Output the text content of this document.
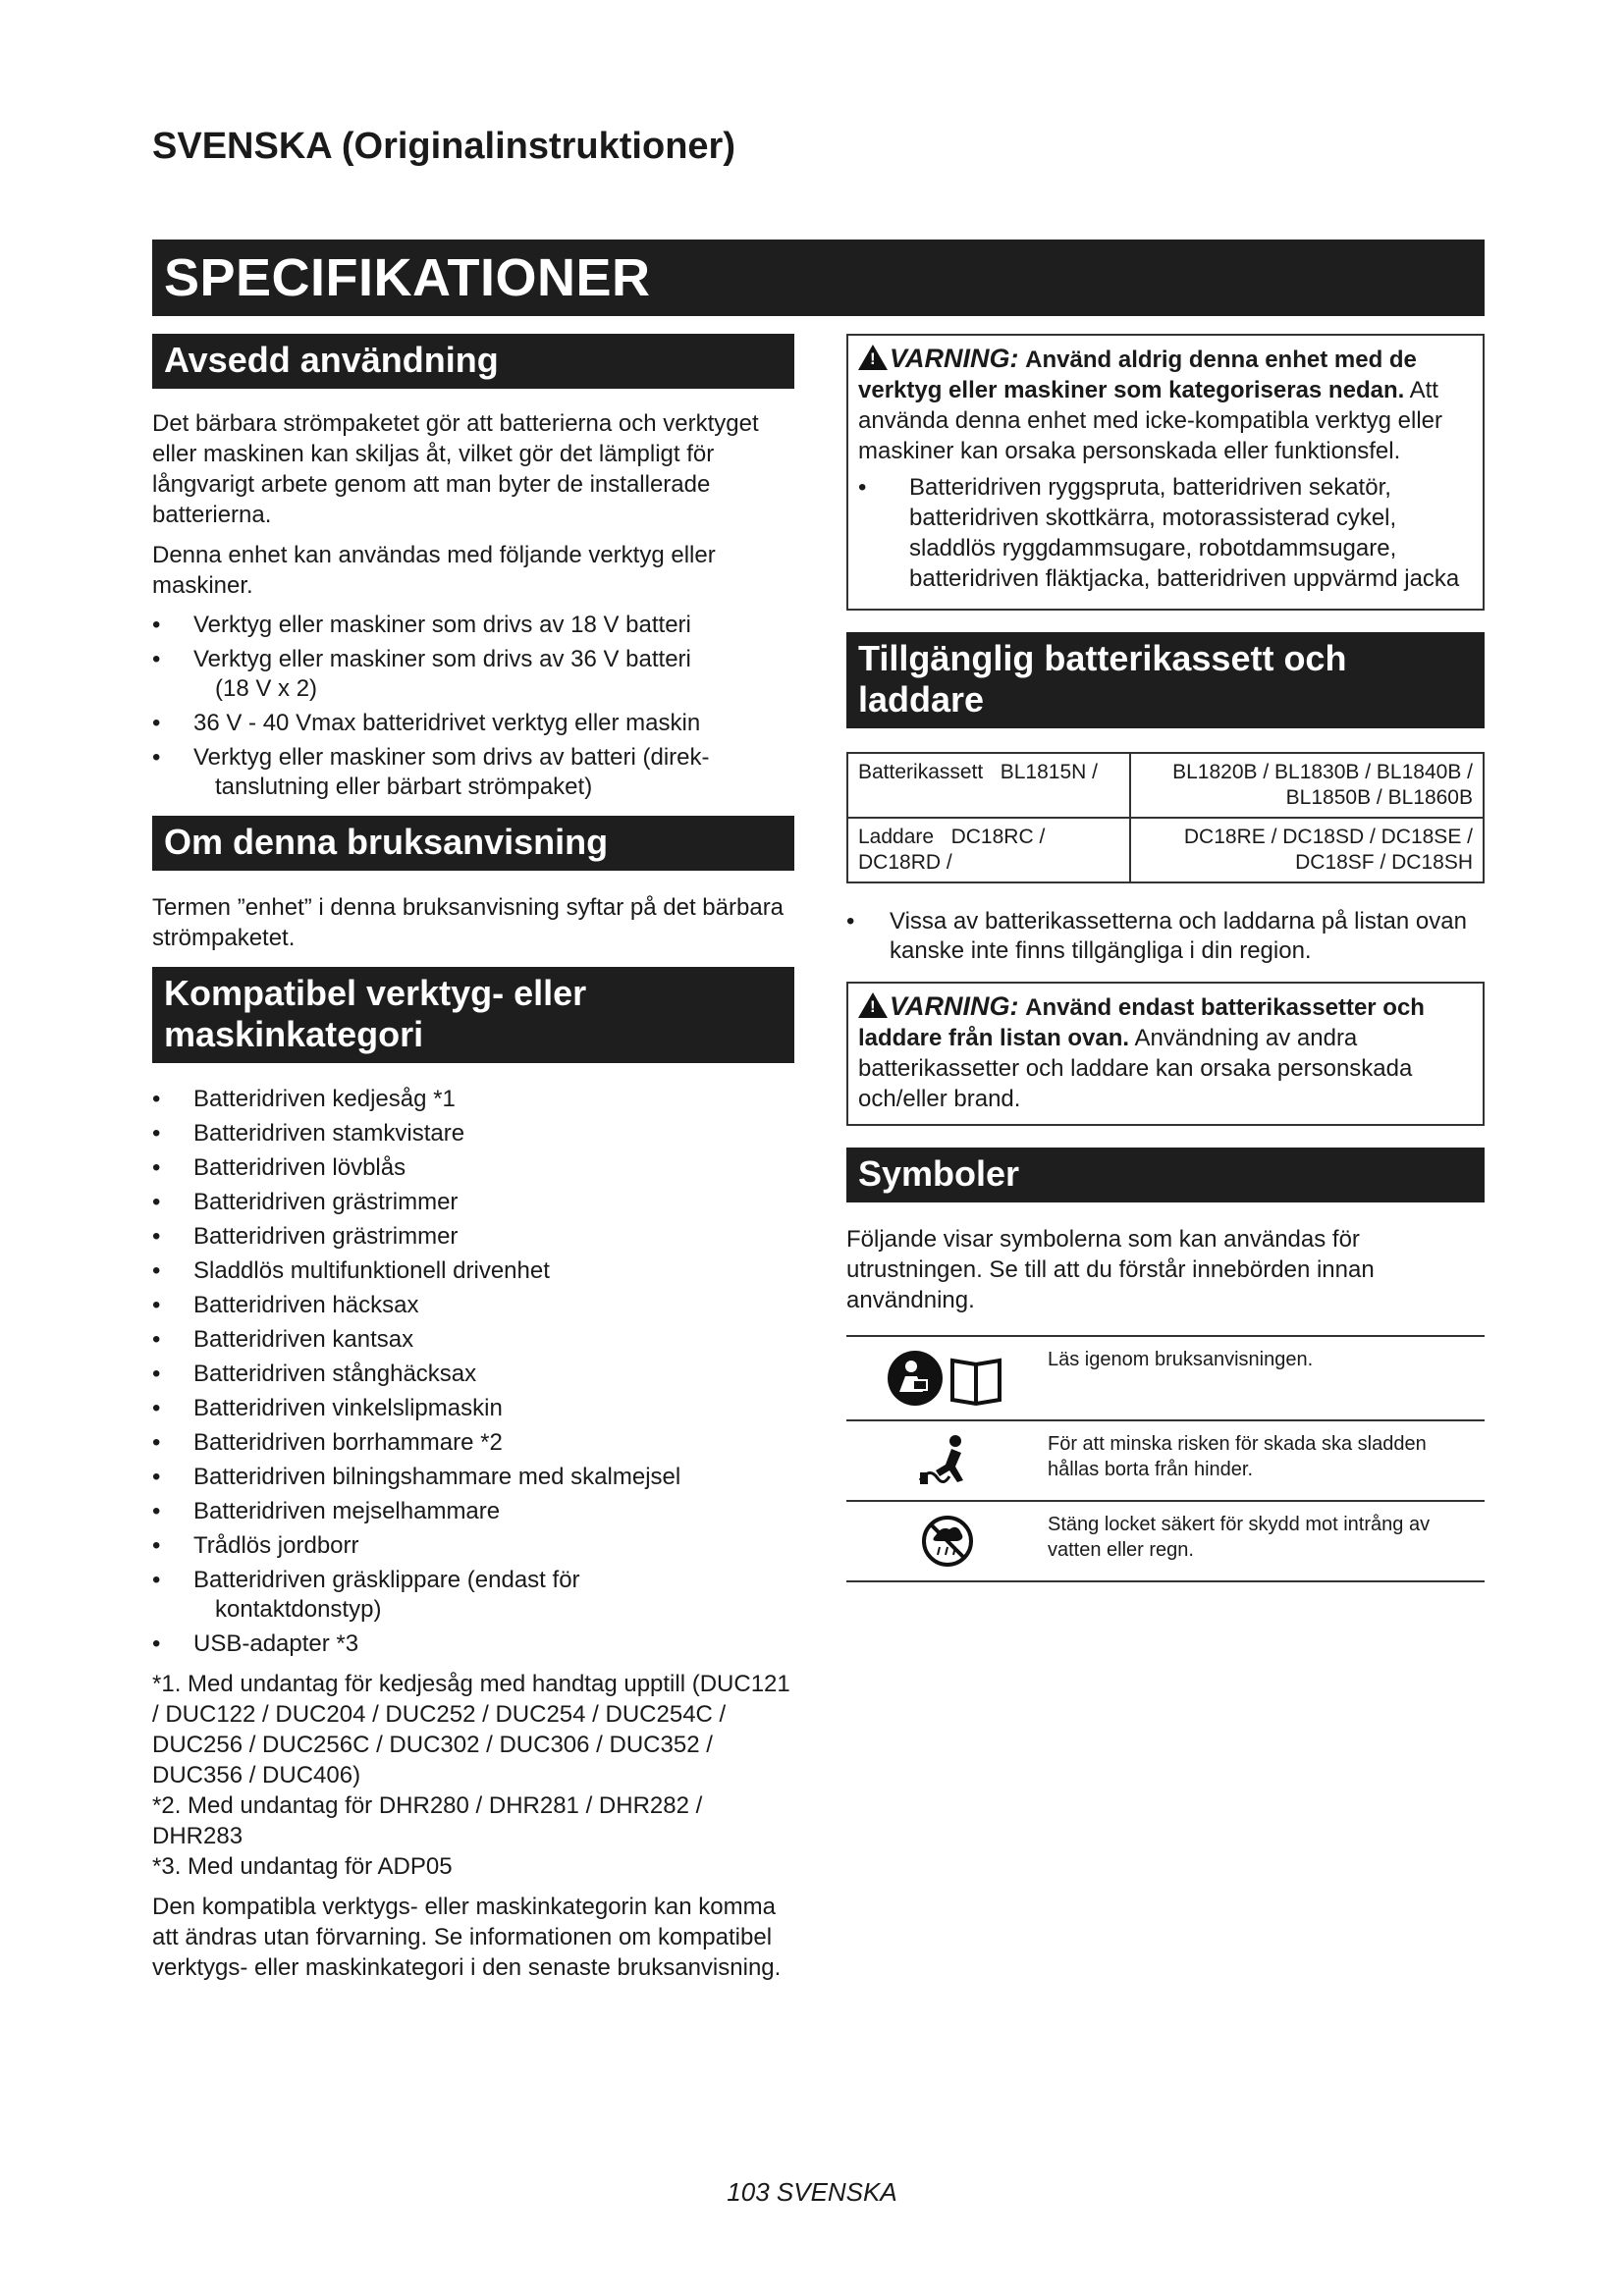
SVENSKA (Originalinstruktioner)
SPECIFIKATIONER
Avsedd användning

Det bärbara strömpaketet gör att batterierna och verktyget eller maskinen kan skiljas åt, vilket gör det lämpligt för långvarigt arbete genom att man byter de installerade batterierna.

Denna enhet kan användas med följande verktyg eller maskiner.

• Verktyg eller maskiner som drivs av 18 V batteri
• Verktyg eller maskiner som drivs av 36 V batteri
(18 V x 2)
• 36 V - 40 Vmax batteridrivet verktyg eller maskin
• Verktyg eller maskiner som drivs av batteri (direk-
tanslutning eller bärbart strömpaket)
Om denna bruksanvisning

Termen ”enhet” i denna bruksanvisning syftar på det bärbara strömpaketet.

Kompatibel verktyg- eller
maskinkategori
• Batteridriven kedjesåg *1
• Batteridriven stamkvistare
• Batteridriven lövblås
• Batteridriven grästrimmer
• Batteridriven grästrimmer
• Sladdlös multifunktionell drivenhet
• Batteridriven häcksax
• Batteridriven kantsax
• Batteridriven stånghäcksax
• Batteridriven vinkelslipmaskin
• Batteridriven borrhammare *2
• Batteridriven bilningshammare med skalmejsel
• Batteridriven mejselhammare
• Trådlös jordborr
• Batteridriven gräsklippare (endast för
kontaktdonstyp)
• USB-adapter *3

*1. Med undantag för kedjesåg med handtag upptill (DUC121 / DUC122 / DUC204 / DUC252 / DUC254 / DUC254C / DUC256 / DUC256C / DUC302 / DUC306 / DUC352 / DUC356 / DUC406)

*2. Med undantag för DHR280 / DHR281 / DHR282 / DHR283

*3. Med undantag för ADP05

Den kompatibla verktygs- eller maskinkategorin kan komma att ändras utan förvarning. Se informationen om kompatibel verktygs- eller maskinkategori i den senaste bruksanvisning.

! VARNING: Använd aldrig denna enhet med de verktyg eller maskiner som kategoriseras nedan. Att använda denna enhet med icke-kompatibla verktyg eller maskiner kan orsaka personskada eller funktionsfel.

• Batteridriven ryggspruta, batteridriven sekatör, batteridriven skottkärra, motorassisterad cykel, sladdlös ryggdammsugare, robotdammsugare, batteridriven fläktjacka, batteridriven uppvärmd jacka
Tillgänglig batterikassett och
laddare
Batterikassett BL1815N /	BL1820B / BL1830B / BL1840B / BL1850B / BL1860B
Laddare DC18RC / DC18RD /	DC18RE / DC18SD / DC18SE / DC18SF / DC18SH
• Vissa av batterikassetterna och laddarna på listan ovan kanske inte finns tillgängliga i din region.

! VARNING: Använd endast batterikassetter och laddare från listan ovan. Användning av andra batterikassetter och laddare kan orsaka personskada och/eller brand.

Symboler

Följande visar symbolerna som kan användas för utrustningen. Se till att du förstår innebörden innan användning.

Läs igenom bruksanvisningen.
För att minska risken för skada ska sladden hållas borta från hinder.
Stäng locket säkert för skydd mot intrång av vatten eller regn.
103 SVENSKA
